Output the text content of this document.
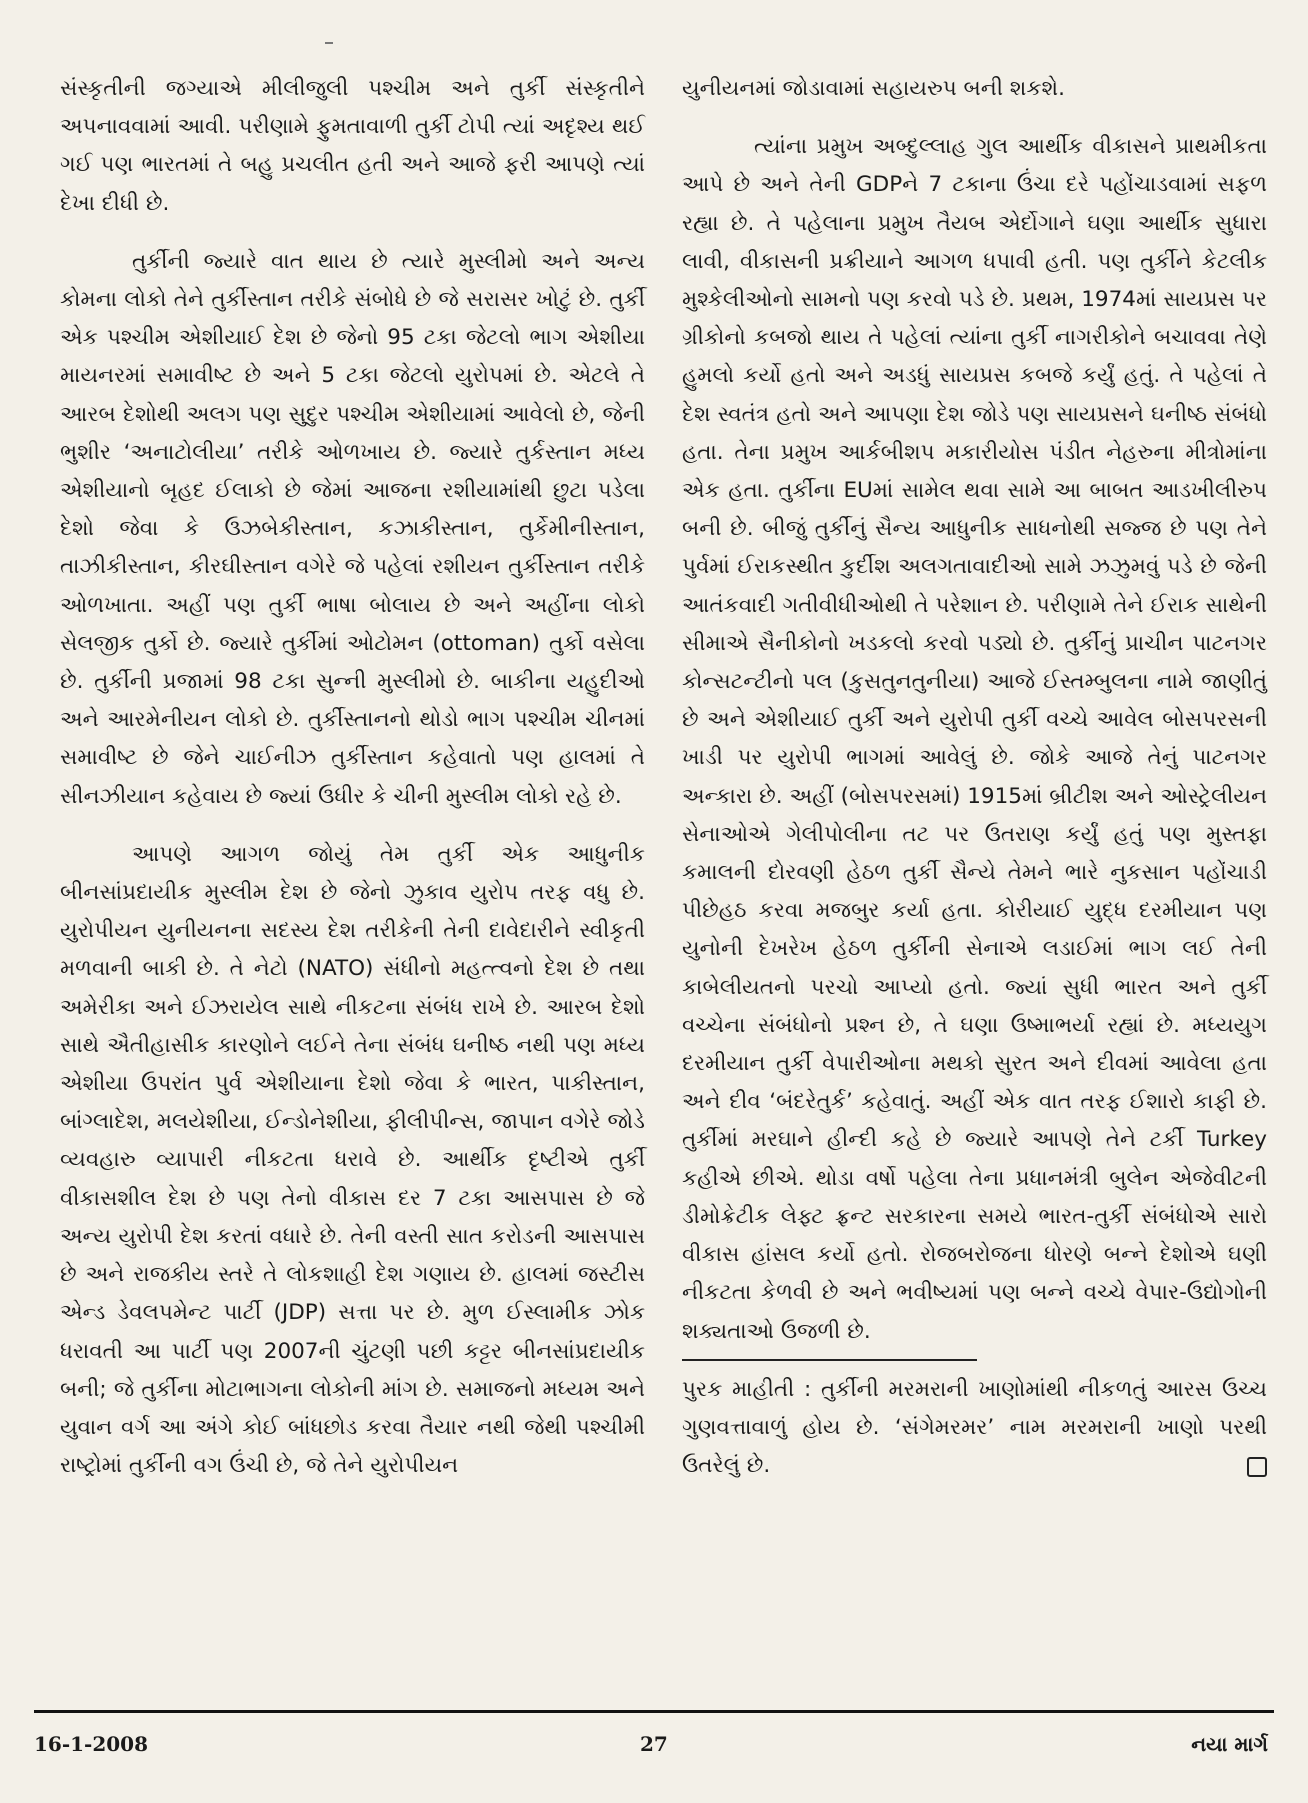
સંસ્કૃતીની જગ્યાએ મીલીજુલી પશ્ચીમ અને તુર્કી સંસ્કૃતીને અપનાવવામાં આવી. પરીણામે ફુમતાવાળી તુર્કી ટોપી ત્યાં અદૃશ્ય થઈ ગઈ પણ ભારતમાં તે બહુ પ્રચલીત હતી અને આજે ફરી આપણે ત્યાં દેખા દીધી છે.

તુર્કીની જ્યારે વાત થાય છે ત્યારે મુસ્લીમો અને અન્ય કોમના લોકો તેને તુર્કીસ્તાન તરીકે સંબોધે છે જે સરાસર ખોટું છે. તુર્કી એક પશ્ચીમ એશીયાઈ દેશ છે જેનો 95 ટકા જેટલો ભાગ એશીયા માયનરમાં સમાવીષ્ટ છે અને 5 ટકા જેટલો યુરોપમાં છે. એટલે તે આરબ દેશોથી અલગ પણ સુદુર પશ્ચીમ એશીયામાં આવેલો છે, જેની ભુશીર ‘અનાટોલીયા’ તરીકે ઓળખાય છે. જ્યારે તુર્કસ્તાન મધ્ય એશીયાનો બૃહદ ઈલાકો છે જેમાં આજના રશીયામાંથી છુટા પડેલા દેશો જેવા કે ઉઝબેકીસ્તાન, કઝાકીસ્તાન, તુર્કેમીનીસ્તાન, તાઝીકીસ્તાન, કીરઘીસ્તાન વગેરે જે પહેલાં રશીયન તુર્કીસ્તાન તરીકે ઓળખાતા. અહીં પણ તુર્કી ભાષા બોલાય છે અને અહીંના લોકો સેલજીક તુર્કો છે. જ્યારે તુર્કીમાં ઓટોમન (ottoman) તુર્કો વસેલા છે. તુર્કીની પ્રજામાં 98 ટકા સુન્ની મુસ્લીમો છે. બાકીના યહુદીઓ અને આરમેનીયન લોકો છે. તુર્કીસ્તાનનો થોડો ભાગ પશ્ચીમ ચીનમાં સમાવીષ્ટ છે જેને ચાઈનીઝ તુર્કીસ્તાન કહેવાતો પણ હાલમાં તે સીનઝીયાન કહેવાય છે જ્યાં ઉધીર કે ચીની મુસ્લીમ લોકો રહે છે.

આપણે આગળ જોયું તેમ તુર્કી એક આધુનીક બીનસાંપ્રદાયીક મુસ્લીમ દેશ છે જેનો ઝુકાવ યુરોપ તરફ વધુ છે. યુરોપીયન યુનીયનના સદસ્ય દેશ તરીકેની તેની દાવેદારીને સ્વીકૃતી મળવાની બાકી છે. તે નેટો (NATO) સંધીનો મહત્ત્વનો દેશ છે તથા અમેરીકા અને ઈઝરાયેલ સાથે નીકટના સંબંધ રાખે છે. આરબ દેશો સાથે ઐતીહાસીક કારણોને લઈને તેના સંબંધ ઘનીષ્ઠ નથી પણ મધ્ય એશીયા ઉપરાંત પુર્વ એશીયાના દેશો જેવા કે ભારત, પાકીસ્તાન, બાંગ્લાદેશ, મલયેશીયા, ઈન્ડોનેશીયા, ફીલીપીન્સ, જાપાન વગેરે જોડે વ્યવહારુ વ્યાપારી નીકટતા ધરાવે છે. આર્થીક દૃષ્ટીએ તુર્કી વીકાસશીલ દેશ છે પણ તેનો વીકાસ દર 7 ટકા આસપાસ છે જે અન્ય યુરોપી દેશ કરતાં વધારે છે. તેની વસ્તી સાત કરોડની આસપાસ છે અને રાજકીય સ્તરે તે લોકશાહી દેશ ગણાય છે. હાલમાં જસ્ટીસ એન્ડ ડેવલપમેન્ટ પાર્ટી (JDP) સત્તા પર છે. મુળ ઈસ્લામીક ઝોક ધરાવતી આ પાર્ટી પણ 2007ની ચુંટણી પછી કટ્ટર બીનસાંપ્રદાયીક બની; જે તુર્કીના મોટાભાગના લોકોની માંગ છે. સમાજનો મધ્યમ અને યુવાન વર્ગ આ અંગે કોઈ બાંધછોડ કરવા તૈયાર નથી જેથી પશ્ચીમી રાષ્ટ્રોમાં તુર્કીની વગ ઉંચી છે, જે તેને યુરોપીયન

યુનીયનમાં જોડાવામાં સહાયરુપ બની શકશે.

ત્યાંના પ્રમુખ અબ્દુલ્લાહ ગુલ આર્થીક વીકાસને પ્રાથમીકતા આપે છે અને તેની GDPને 7 ટકાના ઉંચા દરે પહોંચાડવામાં સફળ રહ્યા છે. તે પહેલાના પ્રમુખ તૈયબ એર્દોગાને ઘણા આર્થીક સુધારા લાવી, વીકાસની પ્રક્રીયાને આગળ ધપાવી હતી. પણ તુર્કીને કેટલીક મુશ્કેલીઓનો સામનો પણ કરવો પડે છે. પ્રથમ, 1974માં સાયપ્રસ પર ગ્રીકોનો કબજો થાય તે પહેલાં ત્યાંના તુર્કી નાગરીકોને બચાવવા તેણે હુમલો કર્યો હતો અને અડધું સાયપ્રસ કબજે કર્યું હતું. તે પહેલાં તે દેશ સ્વતંત્ર હતો અને આપણા દેશ જોડે પણ સાયપ્રસને ઘનીષ્ઠ સંબંધો હતા. તેના પ્રમુખ આર્કબીશપ મકારીયોસ પંડીત નેહરુના મીત્રોમાંના એક હતા. તુર્કીના EUમાં સામેલ થવા સામે આ બાબત આડખીલીરુપ બની છે. બીજું તુર્કીનું સૈન્ય આધુનીક સાધનોથી સજ્જ છે પણ તેને પુર્વમાં ઈરાકસ્થીત કુર્દીશ અલગતાવાદીઓ સામે ઝઝુમવું પડે છે જેની આતંકવાદી ગતીવીધીઓથી તે પરેશાન છે. પરીણામે તેને ઈરાક સાથેની સીમાએ સૈનીકોનો ખડકલો કરવો પડ્યો છે. તુર્કીનું પ્રાચીન પાટનગર કોન્સટન્ટીનો પલ (કુસતુનતુનીયા) આજે ઈસ્તમ્બુલના નામે જાણીતું છે અને એશીયાઈ તુર્કી અને યુરોપી તુર્કી વચ્ચે આવેલ બોસપરસની ખાડી પર યુરોપી ભાગમાં આવેલું છે. જોકે આજે તેનું પાટનગર અન્કારા છે. અહીં (બોસપરસમાં) 1915માં બ્રીટીશ અને ઓસ્ટ્રેલીયન સેનાઓએ ગેલીપોલીના તટ પર ઉતરાણ કર્યું હતું પણ મુસ્તફા કમાલની દોરવણી હેઠળ તુર્કી સૈન્યે તેમને ભારે નુકસાન પહોંચાડી પીછેહઠ કરવા મજબુર કર્યા હતા. કોરીયાઈ યુદ્ધ દરમીયાન પણ યુનોની દેખરેખ હેઠળ તુર્કીની સેનાએ લડાઈમાં ભાગ લઈ તેની કાબેલીયતનો પરચો આપ્યો હતો. જ્યાં સુધી ભારત અને તુર્કી વચ્ચેના સંબંધોનો પ્રશ્ન છે, તે ઘણા ઉષ્માભર્યા રહ્યાં છે. મધ્યયુગ દરમીયાન તુર્કી વેપારીઓના મથકો સુરત અને દીવમાં આવેલા હતા અને દીવ ‘બંદરેતુર્ક’ કહેવાતું. અહીં એક વાત તરફ ઈશારો કાફી છે. તુર્કીમાં મરઘાને હીન્દી કહે છે જ્યારે આપણે તેને ટર્કી Turkey કહીએ છીએ. થોડા વર્ષો પહેલા તેના પ્રધાનમંત્રી બુલેન એજેવીટની ડીમોક્રેટીક લેફ્ટ ફ્રન્ટ સરકારના સમયે ભારત-તુર્કી સંબંધોએ સારો વીકાસ હાંસલ કર્યો હતો. રોજબરોજના ધોરણે બન્ને દેશોએ ઘણી નીકટતા કેળવી છે અને ભવીષ્યમાં પણ બન્ને વચ્ચે વેપાર-ઉદ્યોગોની શક્યતાઓ ઉજળી છે.

પુરક માહીતી : તુર્કીની મરમરાની ખાણોમાંથી નીકળતું આરસ ઉચ્ચ ગુણવત્તાવાળું હોય છે. ‘સંગેમરમર’ નામ મરમરાની ખાણો પરથી ઉતરેલું છે.

16-1-2008	27	નયા માર્ગ
